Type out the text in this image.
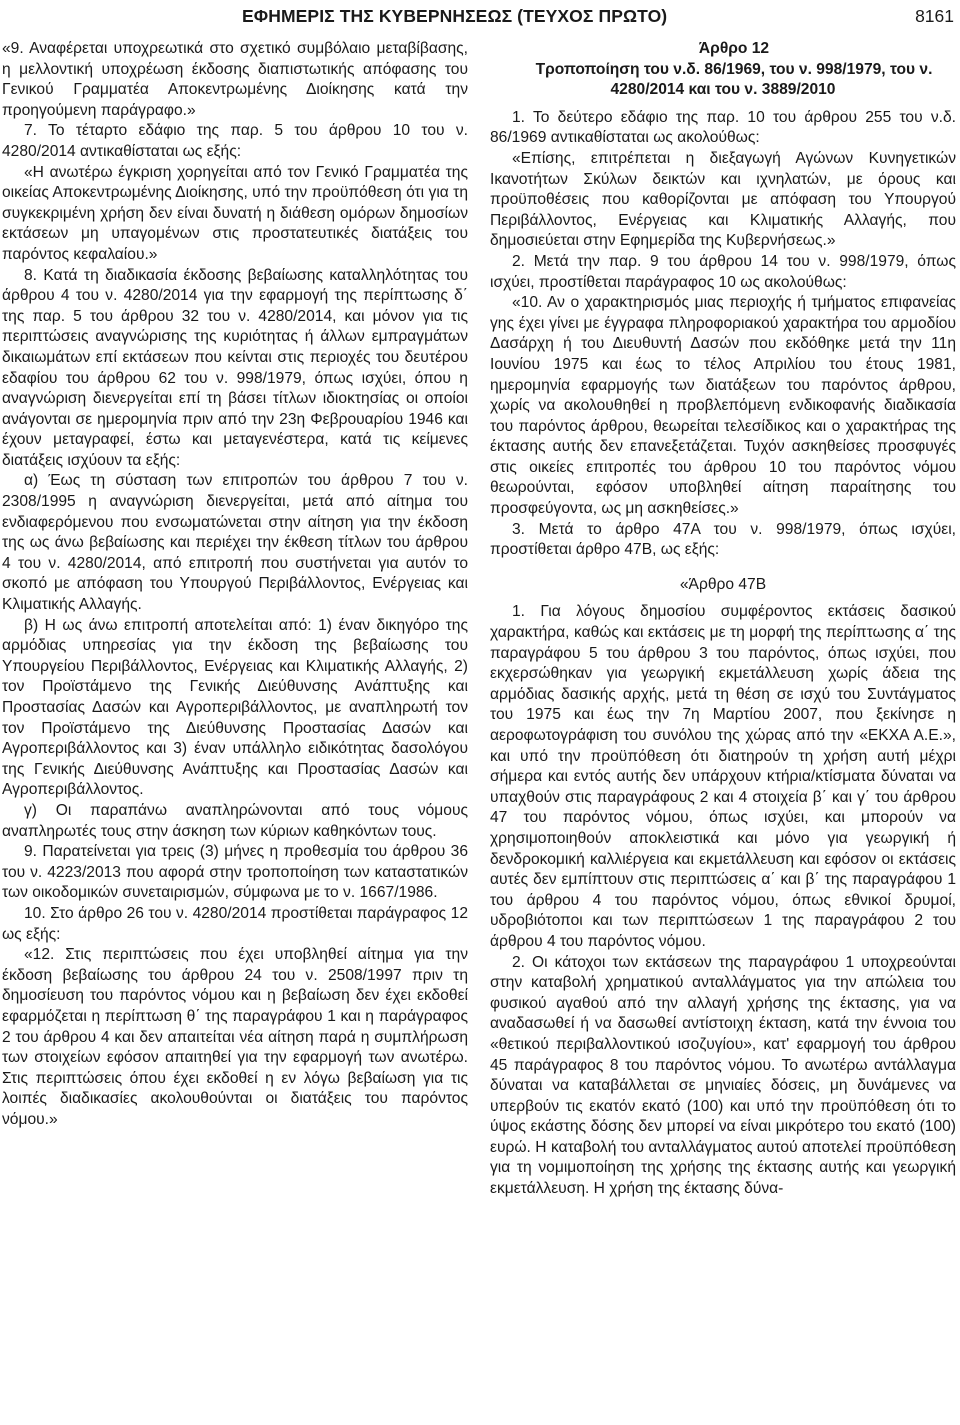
ΕΦΗΜΕΡΙΣ ΤΗΣ ΚΥΒΕΡΝΗΣΕΩΣ (ΤΕΥΧΟΣ ΠΡΩΤΟ)	8161

«9. Αναφέρεται υποχρεωτικά στο σχετικό συμβόλαιο μεταβίβασης, η μελλοντική υποχρέωση έκδοσης διαπιστωτικής απόφασης του Γενικού Γραμματέα Αποκεντρωμένης Διοίκησης κατά την προηγούμενη παράγραφο.»

7. Το τέταρτο εδάφιο της παρ. 5 του άρθρου 10 του ν. 4280/2014 αντικαθίσταται ως εξής:

«Η ανωτέρω έγκριση χορηγείται από τον Γενικό Γραμματέα της οικείας Αποκεντρωμένης Διοίκησης, υπό την προϋπόθεση ότι για τη συγκεκριμένη χρήση δεν είναι δυνατή η διάθεση ομόρων δημοσίων εκτάσεων μη υπαγομένων στις προστατευτικές διατάξεις του παρόντος κεφαλαίου.»

8. Κατά τη διαδικασία έκδοσης βεβαίωσης καταλληλότητας του άρθρου 4 του ν. 4280/2014 για την εφαρμογή της περίπτωσης δ΄ της παρ. 5 του άρθρου 32 του ν. 4280/2014, και μόνον για τις περιπτώσεις αναγνώρισης της κυριότητας ή άλλων εμπραγμάτων δικαιωμάτων επί εκτάσεων που κείνται στις περιοχές του δευτέρου εδαφίου του άρθρου 62 του ν. 998/1979, όπως ισχύει, όπου η αναγνώριση διενεργείται επί τη βάσει τίτλων ιδιοκτησίας οι οποίοι ανάγονται σε ημερομηνία πριν από την 23η Φεβρουαρίου 1946 και έχουν μεταγραφεί, έστω και μεταγενέστερα, κατά τις κείμενες διατάξεις ισχύουν τα εξής:

α) Έως τη σύσταση των επιτροπών του άρθρου 7 του ν. 2308/1995 η αναγνώριση διενεργείται, μετά από αίτημα του ενδιαφερόμενου που ενσωματώνεται στην αίτηση για την έκδοση της ως άνω βεβαίωσης και περιέχει την έκθεση τίτλων του άρθρου 4 του ν. 4280/2014, από επιτροπή που συστήνεται για αυτόν το σκοπό με απόφαση του Υπουργού Περιβάλλοντος, Ενέργειας και Κλιματικής Αλλαγής.

β) Η ως άνω επιτροπή αποτελείται από: 1) έναν δικηγόρο της αρμόδιας υπηρεσίας για την έκδοση της βεβαίωσης του Υπουργείου Περιβάλλοντος, Ενέργειας και Κλιματικής Αλλαγής, 2) τον Προϊστάμενο της Γενικής Διεύθυνσης Ανάπτυξης και Προστασίας Δασών και Αγροπεριβάλλοντος, με αναπληρωτή τον τον Προϊστάμενο της Διεύθυνσης Προστασίας Δασών και Αγροπεριβάλλοντος και 3) έναν υπάλληλο ειδικότητας δασολόγου της Γενικής Διεύθυνσης Ανάπτυξης και Προστασίας Δασών και Αγροπεριβάλλοντος.

γ) Οι παραπάνω αναπληρώνονται από τους νόμους αναπληρωτές τους στην άσκηση των κύριων καθηκόντων τους.

9. Παρατείνεται για τρεις (3) μήνες η προθεσμία του άρθρου 36 του ν. 4223/2013 που αφορά στην τροποποίηση των καταστατικών των οικοδομικών συνεταιρισμών, σύμφωνα με το ν. 1667/1986.

10. Στο άρθρο 26 του ν. 4280/2014 προστίθεται παράγραφος 12 ως εξής:

«12. Στις περιπτώσεις που έχει υποβληθεί αίτημα για την έκδοση βεβαίωσης του άρθρου 24 του ν. 2508/1997 πριν τη δημοσίευση του παρόντος νόμου και η βεβαίωση δεν έχει εκδοθεί εφαρμόζεται η περίπτωση θ΄ της παραγράφου 1 και η παράγραφος 2 του άρθρου 4 και δεν απαιτείται νέα αίτηση παρά η συμπλήρωση των στοιχείων εφόσον απαιτηθεί για την εφαρμογή των ανωτέρω. Στις περιπτώσεις όπου έχει εκδοθεί η εν λόγω βεβαίωση για τις λοιπές διαδικασίες ακολουθούνται οι διατάξεις του παρόντος νόμου.»

Άρθρο 12

Τροποποίηση του ν.δ. 86/1969, του ν. 998/1979, του ν. 4280/2014 και του ν. 3889/2010

1. Το δεύτερο εδάφιο της παρ. 10 του άρθρου 255 του ν.δ. 86/1969 αντικαθίσταται ως ακολούθως:

«Επίσης, επιτρέπεται η διεξαγωγή Αγώνων Κυνηγετικών Ικανοτήτων Σκύλων δεικτών και ιχνηλατών, με όρους και προϋποθέσεις που καθορίζονται με απόφαση του Υπουργού Περιβάλλοντος, Ενέργειας και Κλιματικής Αλλαγής, που δημοσιεύεται στην Εφημερίδα της Κυβερνήσεως.»

2. Μετά την παρ. 9 του άρθρου 14 του ν. 998/1979, όπως ισχύει, προστίθεται παράγραφος 10 ως ακολούθως:

«10. Αν ο χαρακτηρισμός μιας περιοχής ή τμήματος επιφανείας γης έχει γίνει με έγγραφα πληροφοριακού χαρακτήρα του αρμοδίου Δασάρχη ή του Διευθυντή Δασών που εκδόθηκε μετά την 11η Ιουνίου 1975 και έως το τέλος Απριλίου του έτους 1981, ημερομηνία εφαρμογής των διατάξεων του παρόντος άρθρου, χωρίς να ακολουθηθεί η προβλεπόμενη ενδικοφανής διαδικασία του παρόντος άρθρου, θεωρείται τελεσίδικος και ο χαρακτήρας της έκτασης αυτής δεν επανεξετάζεται. Τυχόν ασκηθείσες προσφυγές στις οικείες επιτροπές του άρθρου 10 του παρόντος νόμου θεωρούνται, εφόσον υποβληθεί αίτηση παραίτησης του προσφεύγοντα, ως μη ασκηθείσες.»

3. Μετά το άρθρο 47Α του ν. 998/1979, όπως ισχύει, προστίθεται άρθρο 47Β, ως εξής:

«Άρθρο 47Β

1. Για λόγους δημοσίου συμφέροντος εκτάσεις δασικού χαρακτήρα, καθώς και εκτάσεις με τη μορφή της περίπτωσης α΄ της παραγράφου 5 του άρθρου 3 του παρόντος, όπως ισχύει, που εκχερσώθηκαν για γεωργική εκμετάλλευση χωρίς άδεια της αρμόδιας δασικής αρχής, μετά τη θέση σε ισχύ του Συντάγματος του 1975 και έως την 7η Μαρτίου 2007, που ξεκίνησε η αεροφωτογράφιση του συνόλου της χώρας από την «ΕΚΧΑ Α.Ε.», και υπό την προϋπόθεση ότι διατηρούν τη χρήση αυτή μέχρι σήμερα και εντός αυτής δεν υπάρχουν κτήρια/κτίσματα δύναται να υπαχθούν στις παραγράφους 2 και 4 στοιχεία β΄ και γ΄ του άρθρου 47 του παρόντος νόμου, όπως ισχύει, και μπορούν να χρησιμοποιηθούν αποκλειστικά και μόνο για γεωργική ή δενδροκομική καλλιέργεια και εκμετάλλευση και εφόσον οι εκτάσεις αυτές δεν εμπίπτουν στις περιπτώσεις α΄ και β΄ της παραγράφου 1 του άρθρου 4 του παρόντος νόμου, όπως εθνικοί δρυμοί, υδροβιότοποι και των περιπτώσεων 1 της παραγράφου 2 του άρθρου 4 του παρόντος νόμου.

2. Οι κάτοχοι των εκτάσεων της παραγράφου 1 υποχρεούνται στην καταβολή χρηματικού ανταλλάγματος για την απώλεια του φυσικού αγαθού από την αλλαγή χρήσης της έκτασης, για να αναδασωθεί ή να δασωθεί αντίστοιχη έκταση, κατά την έννοια του «θετικού περιβαλλοντικού ισοζυγίου», κατ' εφαρμογή του άρθρου 45 παράγραφος 8 του παρόντος νόμου. Το ανωτέρω αντάλλαγμα δύναται να καταβάλλεται σε μηνιαίες δόσεις, μη δυνάμενες να υπερβούν τις εκατόν εκατό (100) και υπό την προϋπόθεση ότι το ύψος εκάστης δόσης δεν μπορεί να είναι μικρότερο του εκατό (100) ευρώ. Η καταβολή του ανταλλάγματος αυτού αποτελεί προϋπόθεση για τη νομιμοποίηση της χρήσης της έκτασης αυτής και γεωργική εκμετάλλευση. Η χρήση της έκτασης δύνα-
